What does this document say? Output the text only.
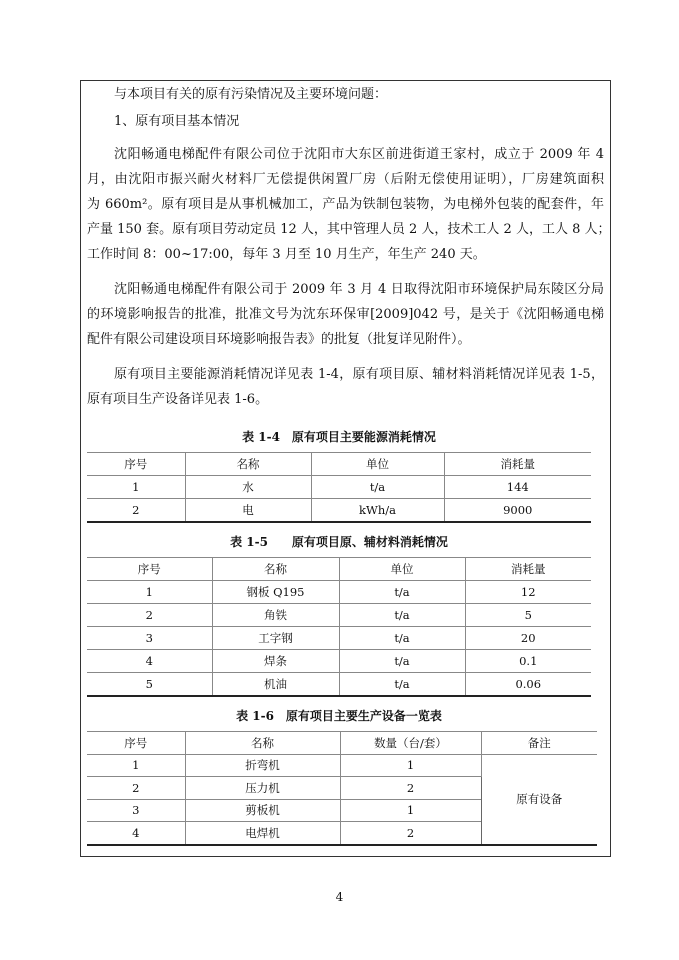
与本项目有关的原有污染情况及主要环境问题：
1、原有项目基本情况
沈阳畅通电梯配件有限公司位于沈阳市大东区前进街道王家村，成立于 2009 年 4
月，由沈阳市振兴耐火材料厂无偿提供闲置厂房（后附无偿使用证明），厂房建筑面积
为 660m²。原有项目是从事机械加工，产品为铁制包装物，为电梯外包装的配套件，年
产量 150 套。原有项目劳动定员 12 人，其中管理人员 2 人，技术工人 2 人，工人 8 人；
工作时间 8：00~17:00，每年 3 月至 10 月生产，年生产 240 天。
沈阳畅通电梯配件有限公司于 2009 年 3 月 4 日取得沈阳市环境保护局东陵区分局
的环境影响报告的批准，批准文号为沈东环保审[2009]042 号，是关于《沈阳畅通电梯
配件有限公司建设项目环境影响报告表》的批复（批复详见附件）。
原有项目主要能源消耗情况详见表 1-4，原有项目原、辅材料消耗情况详见表 1-5，
原有项目生产设备详见表 1-6。
表 1-4　原有项目主要能源消耗情况
序号	名称	单位	消耗量
1	水	t/a	144
2	电	kWh/a	9000
表 1-5　　原有项目原、辅材料消耗情况
序号	名称	单位	消耗量
1	钢板 Q195	t/a	12
2	角铁	t/a	5
3	工字钢	t/a	20
4	焊条	t/a	0.1
5	机油	t/a	0.06
表 1-6　原有项目主要生产设备一览表
序号	名称	数量（台/套）	备注
1	折弯机	1	原有设备
2	压力机	2	
3	剪板机	1	
4	电焊机	2	
4
